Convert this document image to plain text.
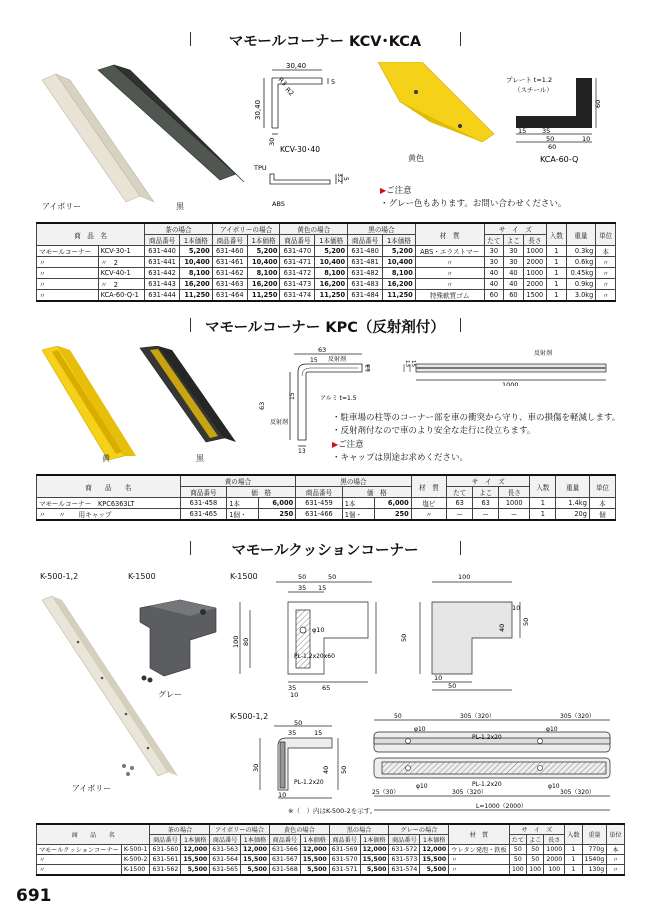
マモールコーナー KCV･KCA
アイボリー	黒
30,40
30,40
R3
R2
5
30
KCV-30･40
TPU
ABS
3.2 5
黄色
プレート t=1.2
（スチール）
60
15 35
50	10
60
KCA-60-Q
▶ご注意
・グレー色もあります。お問い合わせください。
商　品　名		茶の場合		アイボリーの場合		黄色の場合		黒の場合		材　質	サ　イ　ズ			入数	重量	単位
		商品番号	1本価格	商品番号	1本価格	商品番号	1本価格	商品番号	1本価格		たて	よこ	長さ			
マモールコーナー	KCV-30-1	631-440	5,200	631-460	5,200	631-470	5,200	631-480	5,200	ABS・エラストマー	30	30	1000	1	0.3kg	本
〃	〃　2	631-441	10,400	631-461	10,400	631-471	10,400	631-481	10,400	〃	30	30	2000	1	0.6kg	〃
〃	KCV-40-1	631-442	8,100	631-462	8,100	631-472	8,100	631-482	8,100	〃	40	40	1000	1	0.45kg	〃
〃	〃　2	631-443	16,200	631-463	16,200	631-473	16,200	631-483	16,200	〃	40	40	2000	1	0.9kg	〃
〃	KCA-60-Q-1	631-444	11,250	631-464	11,250	631-474	11,250	631-484	11,250	特殊軟質ゴム	60	60	1500	1	3.0kg	〃
マモールコーナー KPC（反射剤付）
黄	黒
63
15
13
反射剤
アルミ t=1.5
63
15
13
反射剤
反射剤
1000
15
13
・駐車場の柱等のコーナー部を車の衝突から守り、車の損傷を軽減します。
・反射剤付なので車のより安全な走行に役立ちます。
▶ご注意
・キャップは別途お求めください。
商　　品　　名	黄の場合			黒の場合			材　質	サ　イ　ズ			入数	重量	単位
	商品番号	価　格		商品番号	価　格			たて	よこ	長さ			
マモールコーナー　KPC6363LT	631-458	1本	6,000	631-459	1本	6,000	塩ビ	63	63	1000	1	1.4kg	本
〃　　〃　　用キャップ	631-465	1個・	250	631-466	1個・	250	〃	ー	ー	ー	1	20g	個
マモールクッションコーナー
K-500-1,2	K-1500	K-1500
グレー
アイボリー
50	50
35 15
100 80
φ10
PL-1.2x20x60
35	65
10
100
50
40
10
50
50
10
K-500-1,2
50
35	15
30
10
40
PL-1.2x20
50
50	305（320）	305（320）
φ10	φ10
PL-1.2x20
PL-1.2x20
φ10	φ10
25（30）	305（320）	305（320）
L=1000（2000）
※（　）内はK-500-2を示す。
商　　品　　名		茶の場合		アイボリーの場合		黄色の場合		黒の場合		グレーの場合		材　質	サ　イ　ズ			入数	重量	単位
		商品番号	1本価格	商品番号	1本価格	商品番号	1本価格	商品番号	1本価格	商品番号	1本価格		たて	よこ	長さ			
マモールクッションコーナー	K-500-1	631-560	12,000	631-563	12,000	631-566	12,000	631-569	12,000	631-572	12,000	ウレタン発泡・鉄板	50	50	1000	1	770g	本
〃	K-500-2	631-561	15,500	631-564	15,500	631-567	15,500	631-570	15,500	631-573	15,500	〃	50	50	2000	1	1540g	〃
〃	K-1500	631-562	5,500	631-565	5,500	631-568	5,500	631-571	5,500	631-574	5,500	〃	100	100	100	1	130g	〃
691
